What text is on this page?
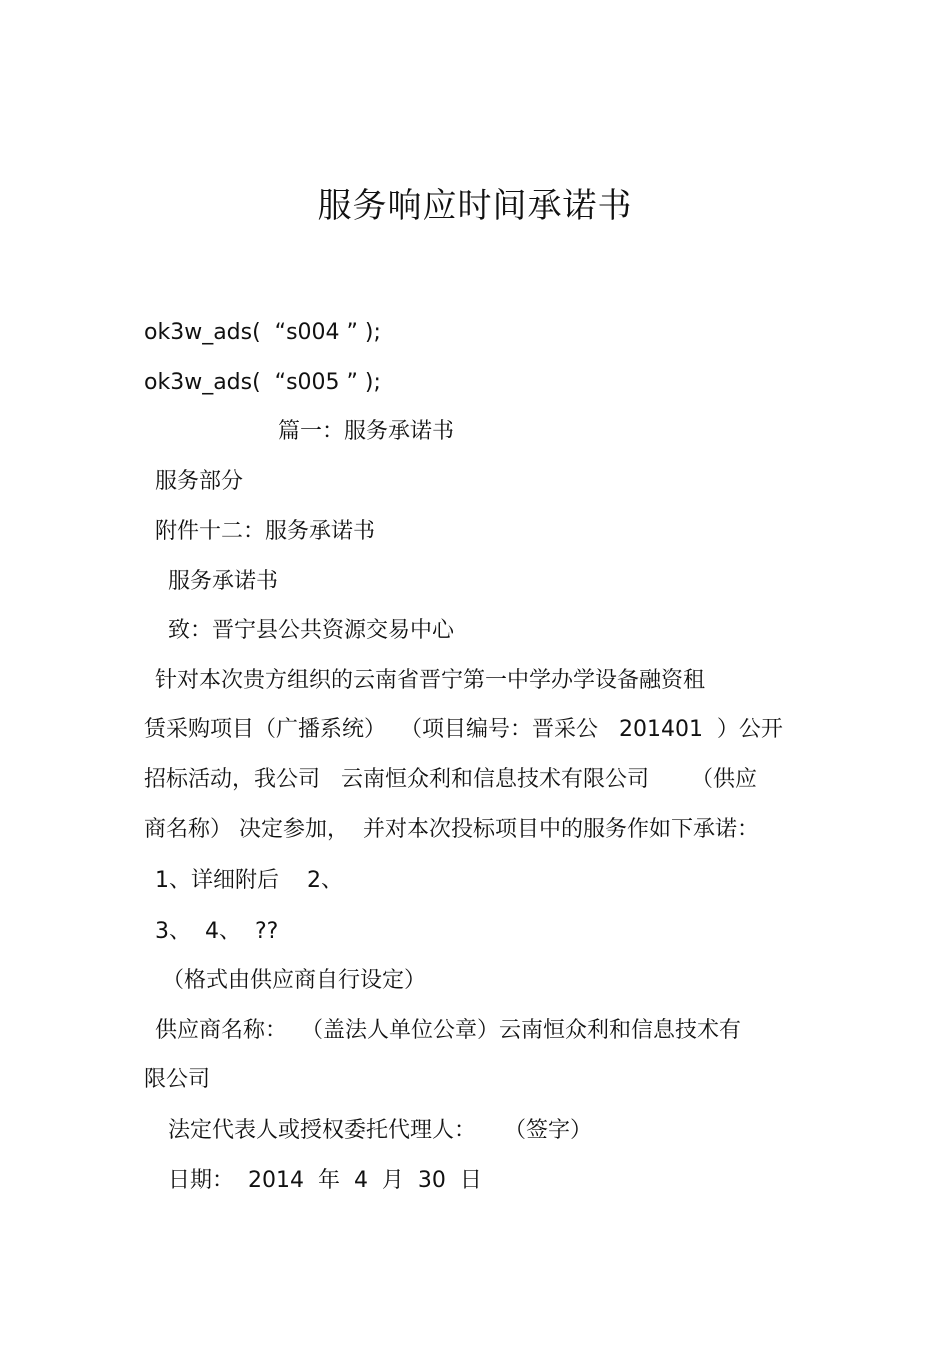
服务响应时间承诺书
ok3w_ads(  “s004 ” );
ok3w_ads(  “s005 ” );
篇一：服务承诺书
服务部分
附件十二：服务承诺书
服务承诺书
致：晋宁县公共资源交易中心
针对本次贵方组织的云南省晋宁第一中学办学设备融资租
赁采购项目（广播系统）  （项目编号：晋采公   201401  ）公开
招标活动，我公司   云南恒众利和信息技术有限公司      （供应
商名称） 决定参加，  并对本次投标项目中的服务作如下承诺：
1、详细附后    2、
3、  4、  ??
（格式由供应商自行设定）
供应商名称：  （盖法人单位公章）云南恒众利和信息技术有
限公司
法定代表人或授权委托代理人：    （签字）
日期：  2014  年  4  月  30  日
